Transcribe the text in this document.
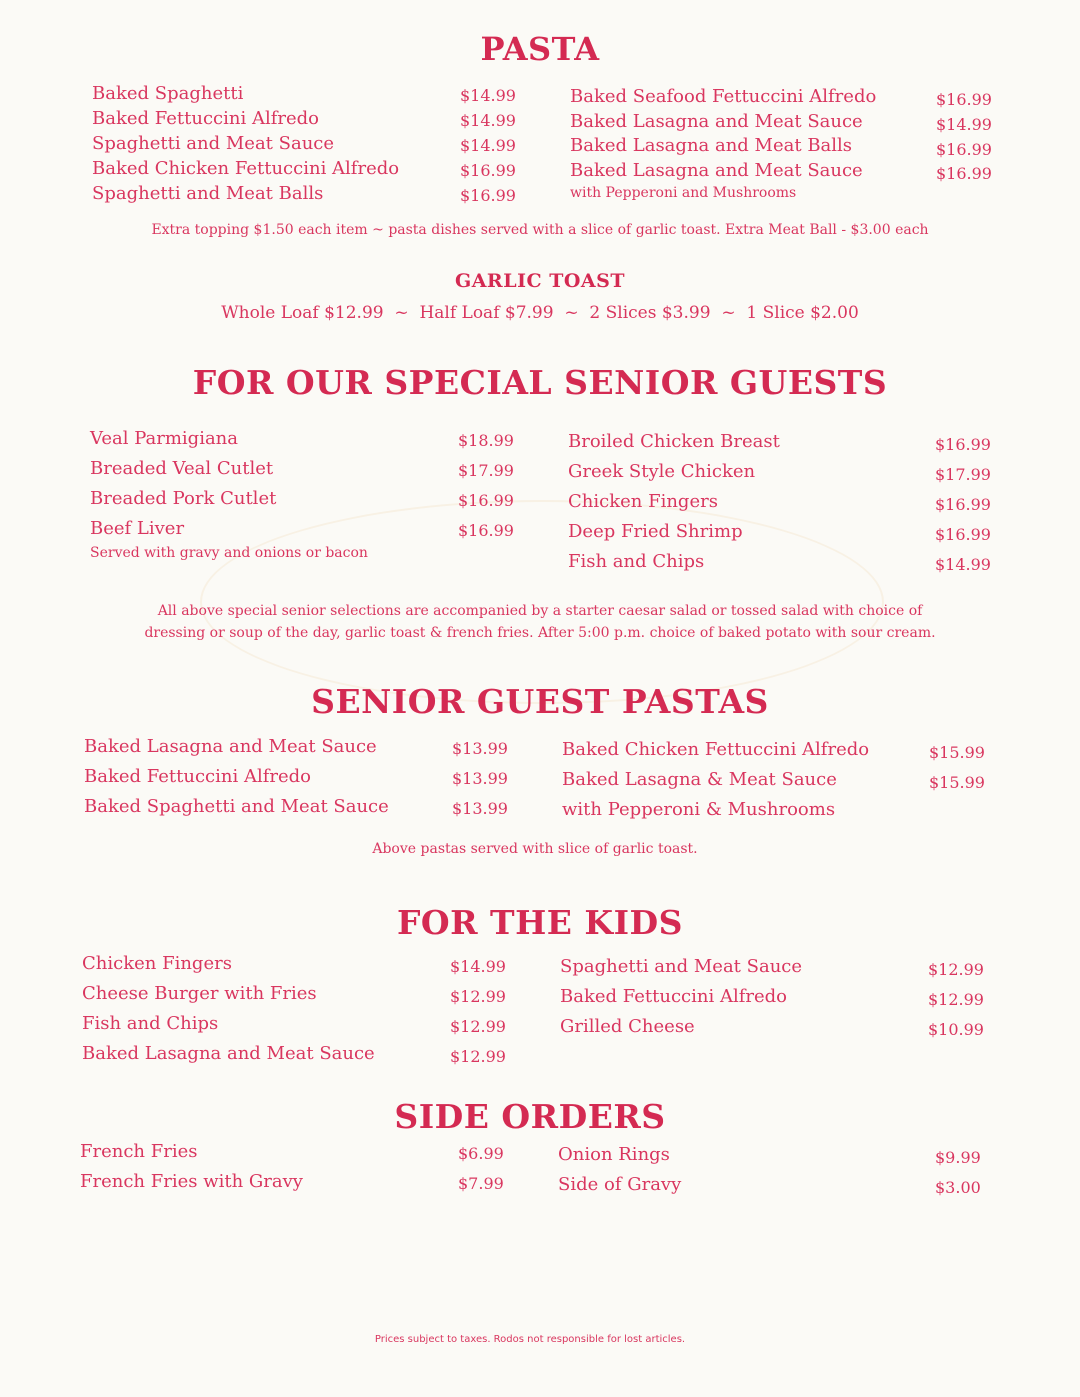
PASTA
Baked Spaghetti	$14.99
Baked Fettuccini Alfredo	$14.99
Spaghetti and Meat Sauce	$14.99
Baked Chicken Fettuccini Alfredo	$16.99
Spaghetti and Meat Balls	$16.99
Baked Seafood Fettuccini Alfredo	$16.99
Baked Lasagna and Meat Sauce	$14.99
Baked Lasagna and Meat Balls	$16.99
Baked Lasagna and Meat Sauce	$16.99
with Pepperoni and Mushrooms
Extra topping $1.50 each item ~ pasta dishes served with a slice of garlic toast. Extra Meat Ball - $3.00 each
GARLIC TOAST
Whole Loaf $12.99  ~  Half Loaf $7.99  ~  2 Slices $3.99  ~  1 Slice $2.00
FOR OUR SPECIAL SENIOR GUESTS
Veal Parmigiana	$18.99
Breaded Veal Cutlet	$17.99
Breaded Pork Cutlet	$16.99
Beef Liver	$16.99
Served with gravy and onions or bacon
Broiled Chicken Breast	$16.99
Greek Style Chicken	$17.99
Chicken Fingers	$16.99
Deep Fried Shrimp	$16.99
Fish and Chips	$14.99
All above special senior selections are accompanied by a starter caesar salad or tossed salad with choice of
dressing or soup of the day, garlic toast & french fries. After 5:00 p.m. choice of baked potato with sour cream.
SENIOR GUEST PASTAS
Baked Lasagna and Meat Sauce	$13.99
Baked Fettuccini Alfredo	$13.99
Baked Spaghetti and Meat Sauce	$13.99
Baked Chicken Fettuccini Alfredo	$15.99
Baked Lasagna & Meat Sauce	$15.99
with Pepperoni & Mushrooms
Above pastas served with slice of garlic toast.
FOR THE KIDS
Chicken Fingers	$14.99
Cheese Burger with Fries	$12.99
Fish and Chips	$12.99
Baked Lasagna and Meat Sauce	$12.99
Spaghetti and Meat Sauce	$12.99
Baked Fettuccini Alfredo	$12.99
Grilled Cheese	$10.99
SIDE ORDERS
French Fries	$6.99
French Fries with Gravy	$7.99
Onion Rings	$9.99
Side of Gravy	$3.00
Prices subject to taxes. Rodos not responsible for lost articles.
